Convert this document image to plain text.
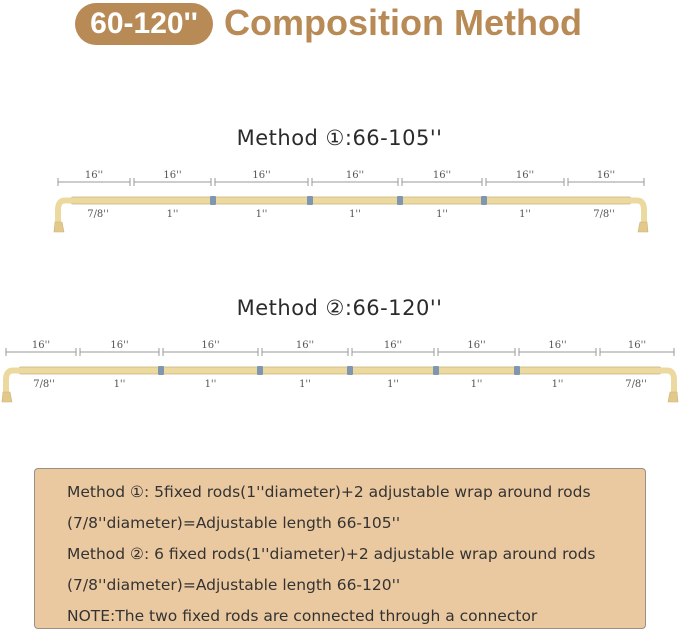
60-120'' Composition Method
Method ①:66-105''
16''	16''	16''	16''	16''	16''	16''
7/8''	1''	1''	1''	1''	1''	7/8''
Method ②:66-120''
16''	16''	16''	16''	16''	16''	16''	16''
7/8''	1''	1''	1''	1''	1''	1''	7/8''

Method ①: 5fixed rods(1''diameter)+2 adjustable wrap around rods

(7/8''diameter)=Adjustable length 66-105''

Method ②: 6 fixed rods(1''diameter)+2 adjustable wrap around rods

(7/8''diameter)=Adjustable length 66-120''

NOTE:The two fixed rods are connected through a connector
